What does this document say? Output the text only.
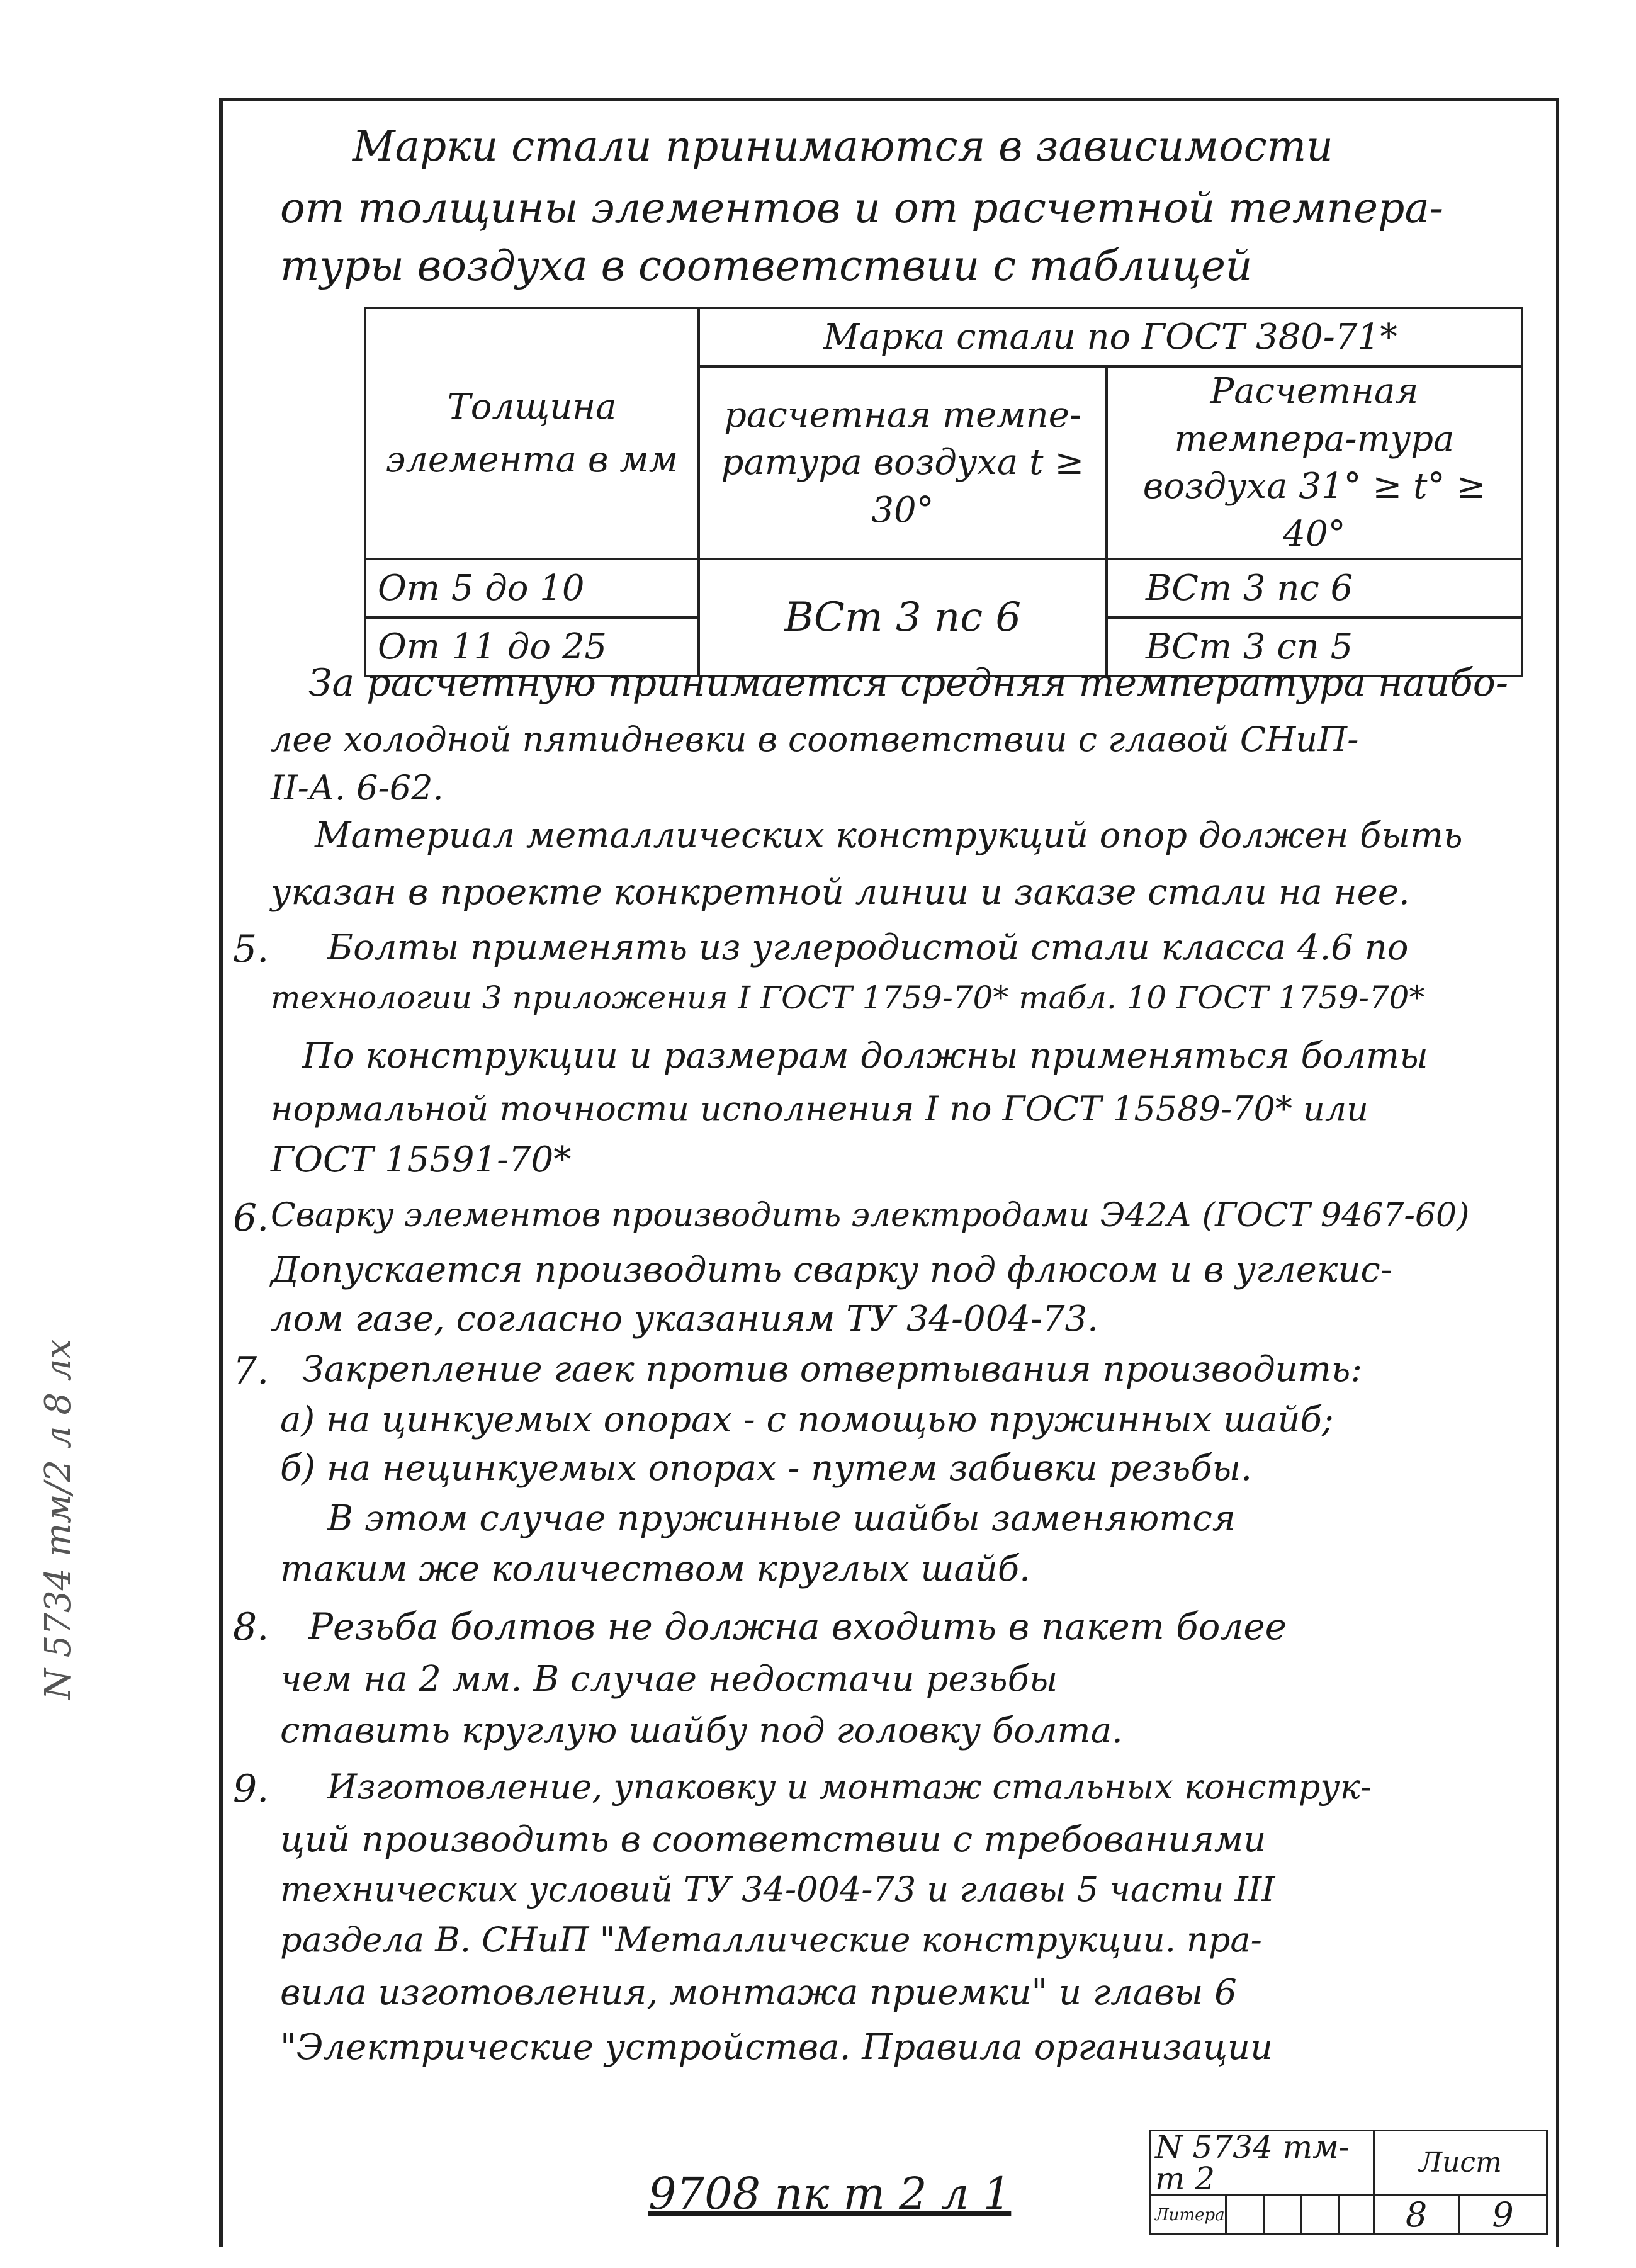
Марки стали принимаются в зависимости
от толщины элементов и от расчетной темпера-
туры воздуха в соответствии с таблицей
Толщина элемента в мм	Марка стали по ГОСТ 380-71*	
	расчетная темпе-ратура воздуха t ≥ 30°	Расчетная темпера-тура воздуха 31° ≥ t° ≥ 40°
От 5 до 10	ВСт 3 пс 6	ВСт 3 пс 6
От 11 до 25		ВСт 3 сп 5
За расчетную принимается средняя температура наибо-
лее холодной пятидневки в соответствии с главой СНиП-
II-А. 6-62.
Материал металлических конструкций опор должен быть
указан в проекте конкретной линии и заказе стали на нее.
5. Болты применять из углеродистой стали класса 4.6 по
технологии 3 приложения I ГОСТ 1759-70* табл. 10 ГОСТ 1759-70*
По конструкции и размерам должны применяться болты
нормальной точности исполнения I по ГОСТ 15589-70* или
ГОСТ 15591-70*
6. Сварку элементов производить электродами Э42А (ГОСТ 9467-60)
Допускается производить сварку под флюсом и в углекис-
лом газе, согласно указаниям ТУ 34-004-73.
7. Закрепление гаек против отвертывания производить:
а) на цинкуемых опорах - с помощью пружинных шайб;
б) на нецинкуемых опорах - путем забивки резьбы.
В этом случае пружинные шайбы заменяются
таким же количеством круглых шайб.
8. Резьба болтов не должна входить в пакет более
чем на 2 мм. В случае недостачи резьбы
ставить круглую шайбу под головку болта.
9. Изготовление, упаковку и монтаж стальных конструк-
ций производить в соответствии с требованиями
технических условий ТУ 34-004-73 и главы 5 части III
раздела В. СНиП "Металлические конструкции. пра-
вила изготовления, монтажа приемки" и главы 6
"Электрические устройства. Правила организации
9708 пк т 2 л 1
N 5734 тм-т 2					Лист	
Литера					8	9
N 5734 тм/2 л 8 лх
